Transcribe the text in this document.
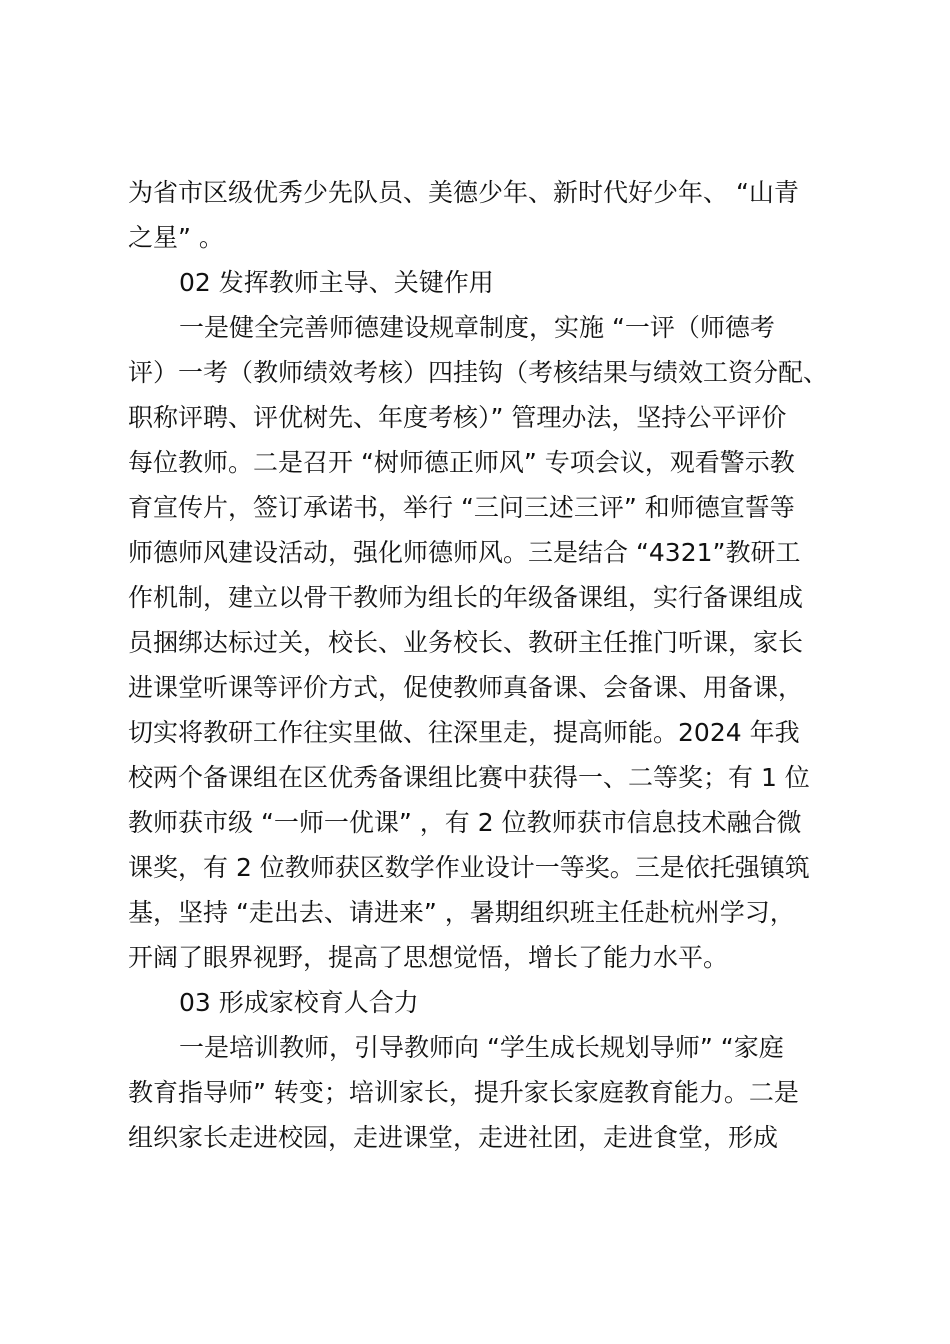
为省市区级优秀少先队员、美德少年、新时代好少年、 “山青
之星” 。

02 发挥教师主导、关键作用

一是健全完善师德建设规章制度，实施 “一评（师德考
评）一考（教师绩效考核）四挂钩（考核结果与绩效工资分配、
职称评聘、评优树先、年度考核）” 管理办法，坚持公平评价
每位教师。二是召开 “树师德正师风” 专项会议，观看警示教
育宣传片，签订承诺书，举行 “三问三述三评” 和师德宣誓等
师德师风建设活动，强化师德师风。三是结合 “4321”教研工
作机制，建立以骨干教师为组长的年级备课组，实行备课组成
员捆绑达标过关，校长、业务校长、教研主任推门听课，家长
进课堂听课等评价方式，促使教师真备课、会备课、用备课，
切实将教研工作往实里做、往深里走，提高师能。2024 年我
校两个备课组在区优秀备课组比赛中获得一、二等奖；有 1 位
教师获市级 “一师一优课” ，有 2 位教师获市信息技术融合微
课奖，有 2 位教师获区数学作业设计一等奖。三是依托强镇筑
基，坚持 “走出去、请进来” ，暑期组织班主任赴杭州学习，
开阔了眼界视野，提高了思想觉悟，增长了能力水平。

03 形成家校育人合力

一是培训教师，引导教师向 “学生成长规划导师” “家庭
教育指导师” 转变；培训家长，提升家长家庭教育能力。二是
组织家长走进校园，走进课堂，走进社团，走进食堂，形成
